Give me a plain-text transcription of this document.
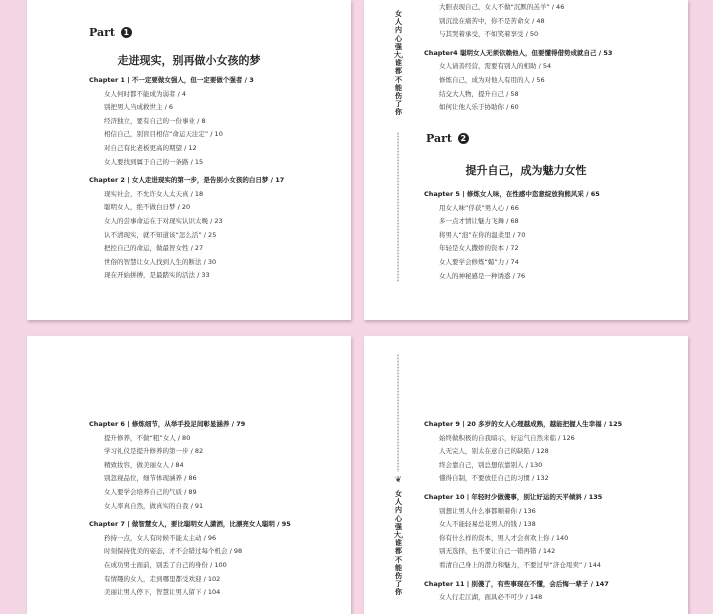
Part 1
走进现实，别再做小女孩的梦
Chapter 1 | 不一定要做女强人，但一定要做个强者 / 3
女人何时都不能成为弱者 / 4
别把男人当成救世主 / 6
经济独立，要有自己的一份事业 / 8
相信自己，别盲目相信“命运天注定” / 10
对自己有比老板更高的期望 / 12
女人要找到属于自己的一条路 / 15
Chapter 2 | 女人走进现实的第一步，是告别小女孩的白日梦 / 17
现实社会，不允许女人太天真 / 18
聪明女人，绝不做白日梦 / 20
女人的尝事命运在于对现实认识太晚 / 23
认不清现实，就不知道该“怎么活” / 25
把控自己的命运，做最智女性 / 27
世俗的智慧让女人找到人生的断法 / 30
现在开始拼搏，是最踏实的活法 / 33
女人内心强大，谁都不能伤了你
大胆表现自己，女人不做“沉默的羔羊” / 46
别沉没在痛苦中，你不是苦命女 / 48
与其哭着承受，不如笑着享受 / 50
Chapter4 聪明女人无须依赖他人，但要懂得借势成就自己 / 53
女人请善经营，需要有别人的相助 / 54
修炼自己，成为对他人有用的人 / 56
结交大人物，提升自己 / 58
如何让他人乐于协助你 / 60
Part 2
提升自己，成为魅力女性
Chapter 5 | 修炼女人味，在性感中恣意绽放狗熊风采 / 65
用女人味“俘获”男人心 / 66
多一点才情让魅力飞舞 / 68
将男人“泡”在你的温柔里 / 70
年轻是女人撒娇的资本 / 72
女人要学会修炼“媚”力 / 74
女人的神秘感是一种诱惑 / 76
Chapter 6 | 修炼细节，从举手投足间彰显涵养 / 79
提升修养，不做“粗”女人 / 80
学习礼仪是提升修养的第一步 / 82
精致妆容，做美丽女人 / 84
别忽视品位，细节体现涵养 / 86
女人要学会培养自己的气质 / 89
女人率真自然，做真实的自我 / 91
Chapter 7 | 做智慧女人，要比聪明女人潇洒，比漂亮女人聪明 / 95
矜持一点，女人有时候不能太主动 / 96
时刻保持优美的姿态，才不会错过每个机会 / 98
在成功男士面前，别丢了自己的身份 / 100
有情趣的女人，走到哪里都受欢迎 / 102
美丽让男人停下，智慧让男人留下 / 104
❦
女人内心强大，谁都不能伤了你
Chapter 9 | 20 多岁的女人心理越成熟，越能把握人生幸福 / 125
始终做积极的自我暗示，好运气自然来临 / 126
人无完人，别太在意自己的缺陷 / 128
终会靠自己，别总想依靠别人 / 130
懂得自制，不要放任自己的习惯 / 132
Chapter 10 | 年轻时少做傻事，别让好运的天平倾斜 / 135
别想让男人什么事都顺着你 / 136
女人不能轻易总花男人的钱 / 138
你有什么样的资本，男人才会喜欢上你 / 140
别无选择，也不要让自己一错再错 / 142
看清自己身上的潜力和魅力，不要过早“济仓甩卖” / 144
Chapter 11 | 别傻了，有些事现在不懂，会后悔一辈子 / 147
女人行走江湖，面具必不可少 / 148
